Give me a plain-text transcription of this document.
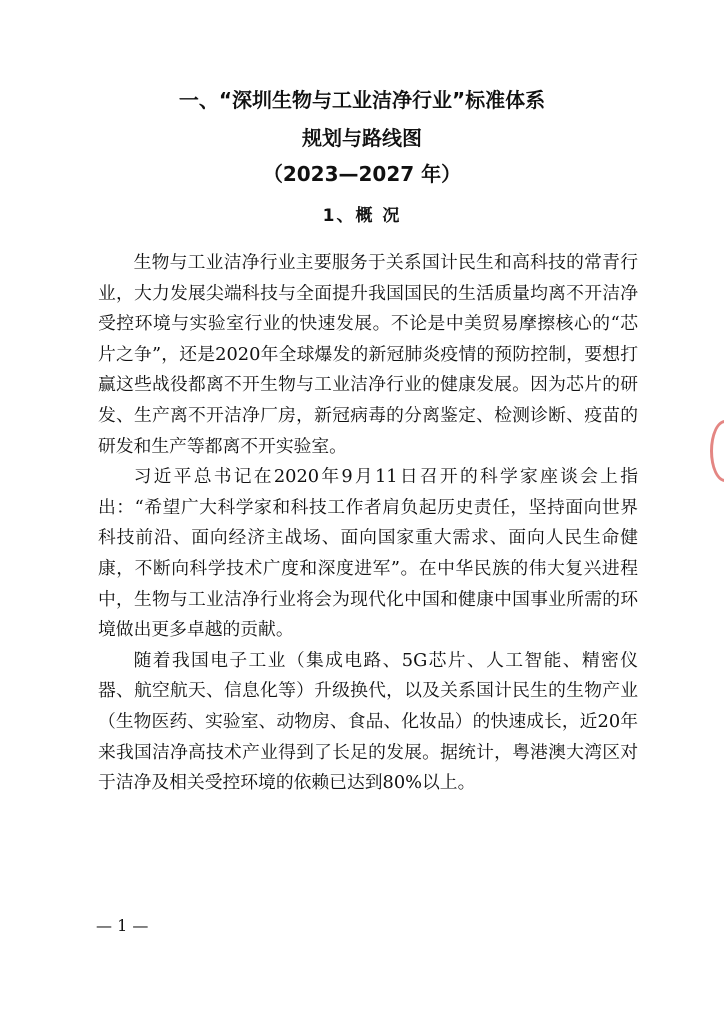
一、“深圳生物与工业洁净行业”标准体系
规划与路线图
（2023—2027 年）
1、概 况

生物与工业洁净行业主要服务于关系国计民生和高科技的常青行业，大力发展尖端科技与全面提升我国国民的生活质量均离不开洁净受控环境与实验室行业的快速发展。不论是中美贸易摩擦核心的“芯片之争”，还是2020年全球爆发的新冠肺炎疫情的预防控制，要想打赢这些战役都离不开生物与工业洁净行业的健康发展。因为芯片的研发、生产离不开洁净厂房，新冠病毒的分离鉴定、检测诊断、疫苗的研发和生产等都离不开实验室。

习近平总书记在2020年9月11日召开的科学家座谈会上指出：“希望广大科学家和科技工作者肩负起历史责任，坚持面向世界科技前沿、面向经济主战场、面向国家重大需求、面向人民生命健康，不断向科学技术广度和深度进军”。在中华民族的伟大复兴进程中，生物与工业洁净行业将会为现代化中国和健康中国事业所需的环境做出更多卓越的贡献。

随着我国电子工业（集成电路、5G芯片、人工智能、精密仪器、航空航天、信息化等）升级换代，以及关系国计民生的生物产业（生物医药、实验室、动物房、食品、化妆品）的快速成长，近20年来我国洁净高技术产业得到了长足的发展。据统计，粤港澳大湾区对于洁净及相关受控环境的依赖已达到80%以上。

— 1 —
